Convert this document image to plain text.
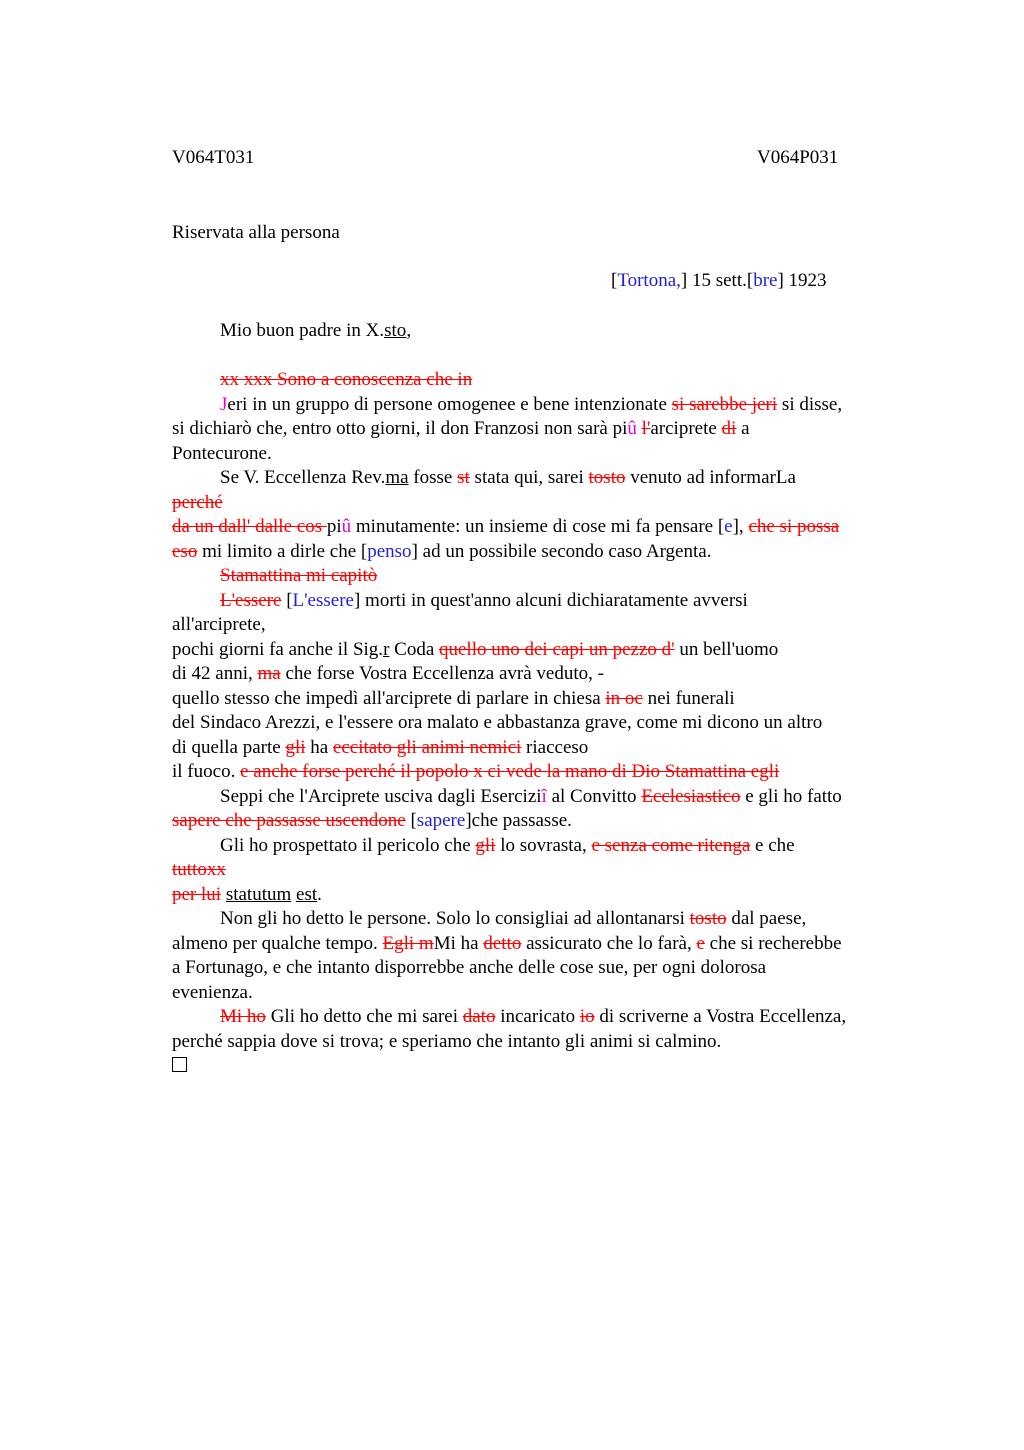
V064T031	V064P031
Riservata alla persona
[Tortona,] 15 sett.[bre] 1923
Mio buon padre in X.sto,
xx xxx Sono a conoscenza che in
Jeri in un gruppo di persone omogenee e bene intenzionate si sarebbe jeri si disse,
si dichiarò che, entro otto giorni, il don Franzosi non sarà piû l'arciprete di a
Pontecurone.
Se V. Eccellenza Rev.ma fosse st stata qui, sarei tosto venuto ad informarLa
perché
da un dall' dalle cos piû minutamente: un insieme di cose mi fa pensare [e], che si possa
eso mi limito a dirle che [penso] ad un possibile secondo caso Argenta.
Stamattina mi capitò
L'essere [L'essere] morti in quest'anno alcuni dichiaratamente avversi
all'arciprete,
pochi giorni fa anche il Sig.r Coda quello uno dei capi un pezzo d' un bell'uomo
di 42 anni, ma che forse Vostra Eccellenza avrà veduto, -
quello stesso che impedì all'arciprete di parlare in chiesa in oc nei funerali
del Sindaco Arezzi, e l'essere ora malato e abbastanza grave, come mi dicono un altro
di quella parte gli ha eccitato gli animi nemici riacceso
il fuoco. e anche forse perché il popolo x ci vede la mano di Dio Stamattina egli
Seppi che l'Arciprete usciva dagli Eserciziî al Convitto Ecclesiastico e gli ho fatto
sapere che passasse uscendone [sapere]che passasse.
Gli ho prospettato il pericolo che gli lo sovrasta, e senza come ritenga e che
tuttoxx
per lui statutum est.
Non gli ho detto le persone. Solo lo consigliai ad allontanarsi tosto dal paese,
almeno per qualche tempo. Egli mMi ha detto assicurato che lo farà, e che si recherebbe
a Fortunago, e che intanto disporrebbe anche delle cose sue, per ogni dolorosa
evenienza.
Mi ho Gli ho detto che mi sarei dato incaricato io di scriverne a Vostra Eccellenza,
perché sappia dove si trova; e speriamo che intanto gli animi si calmino.
